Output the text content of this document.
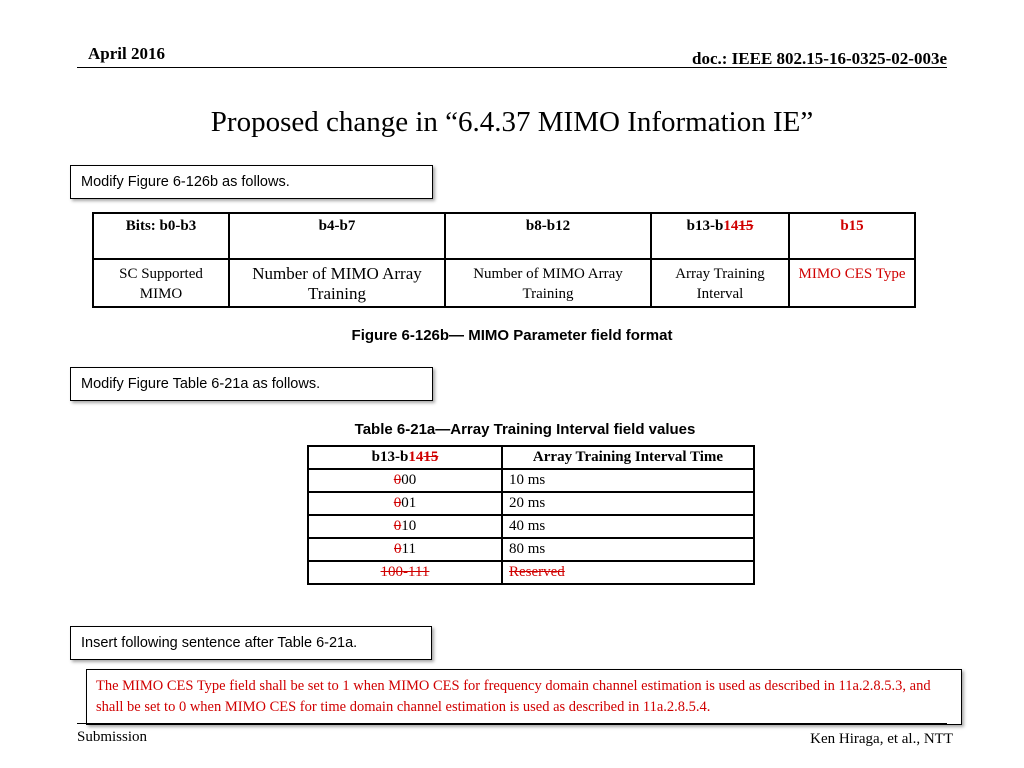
April 2016	doc.: IEEE 802.15-16-0325-02-003e
Proposed change in “6.4.37 MIMO Information IE”
Modify Figure 6-126b as follows.
Bits: b0-b3	b4-b7	b8-b12	b13-b1415	b15
SC Supported MIMO	Number of MIMO Array Training	Number of MIMO Array Training	Array Training Interval	MIMO CES Type
Figure 6-126b— MIMO Parameter field format
Modify Figure Table 6-21a as follows.
Table 6-21a—Array Training Interval field values
b13-b1415	Array Training Interval Time
000	10 ms
001	20 ms
010	40 ms
011	80 ms
100-111	Reserved
Insert following sentence after Table 6-21a.
The MIMO CES Type field shall be set to 1 when MIMO CES for frequency domain channel estimation is used as described in 11a.2.8.5.3, and shall be set to 0 when MIMO CES for time domain channel estimation is used as described in 11a.2.8.5.4.
Submission	Ken Hiraga, et al., NTT
